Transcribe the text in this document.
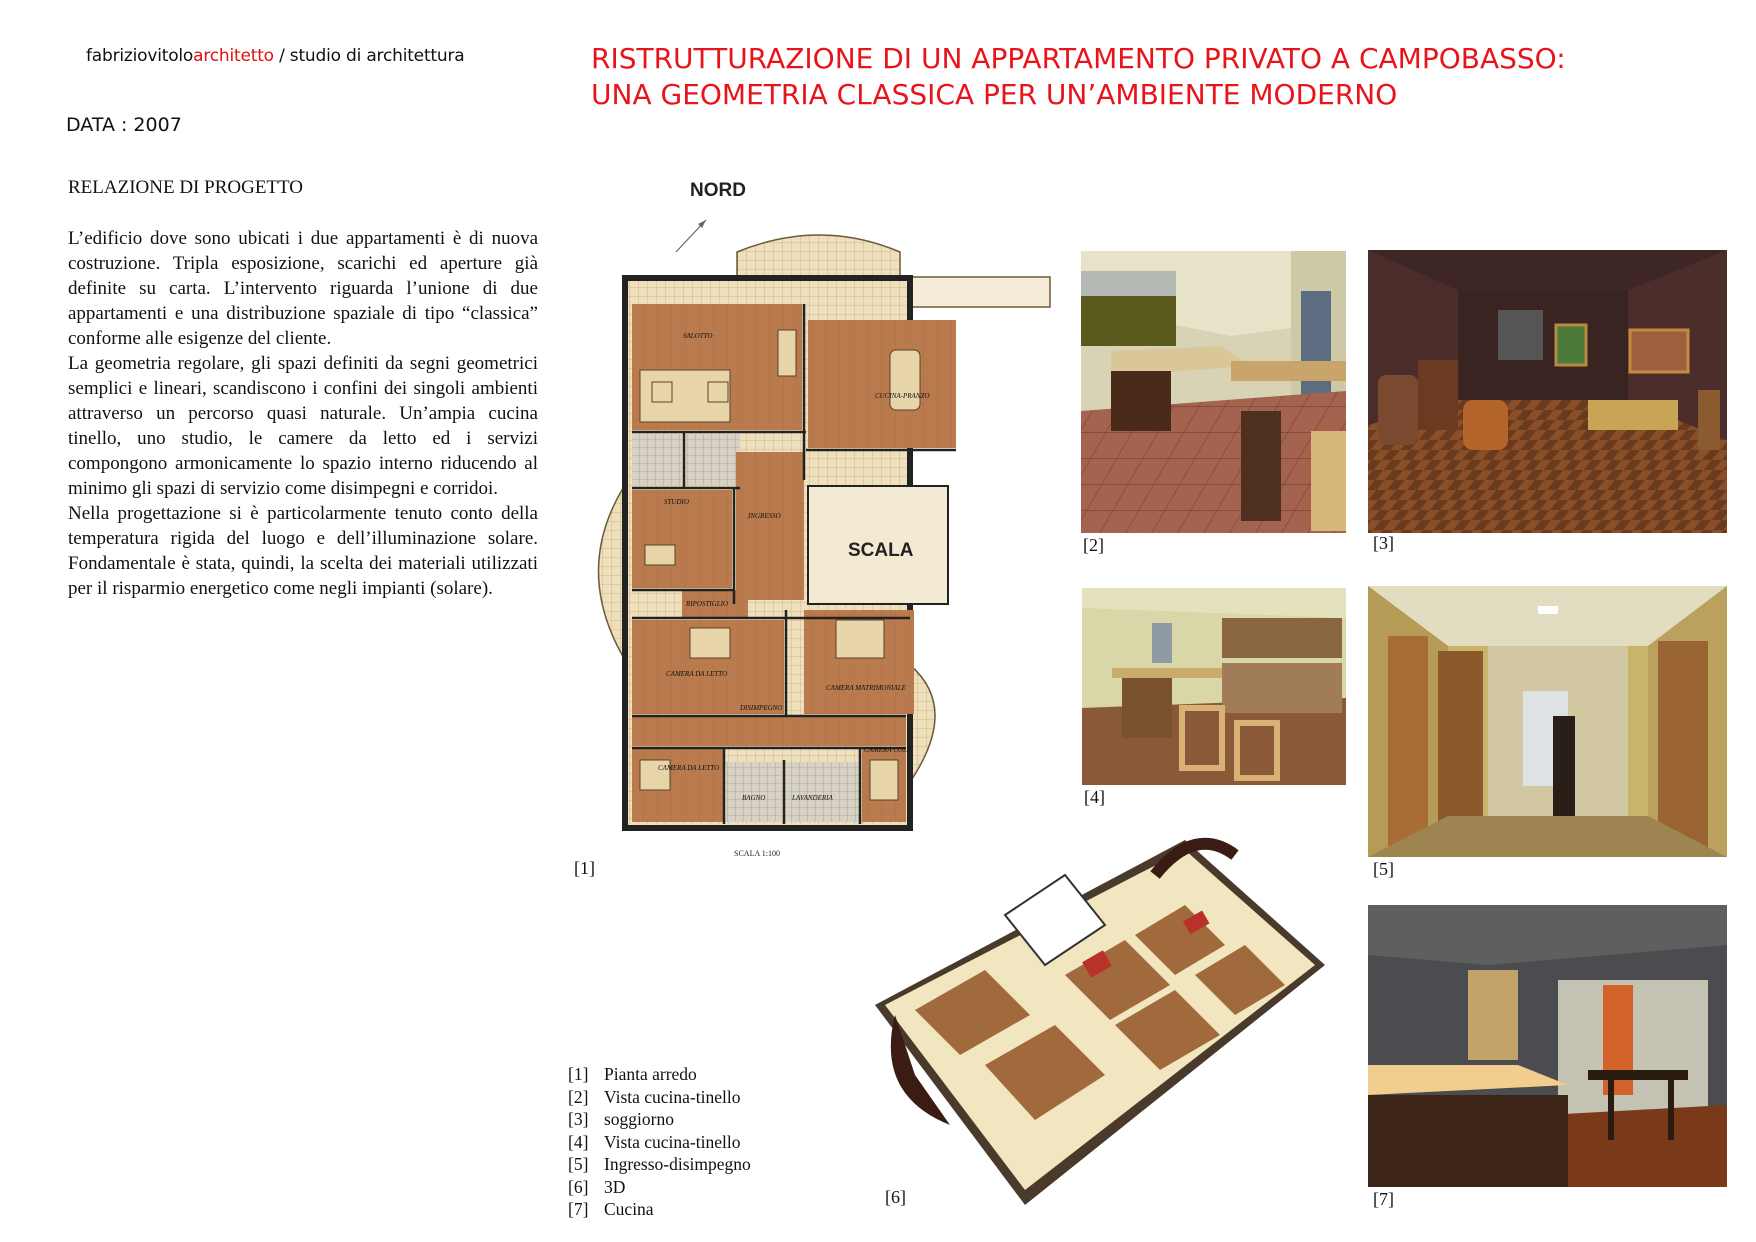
fabriziovitoloarchitetto / studio di architettura
DATA : 2007
RISTRUTTURAZIONE DI UN APPARTAMENTO PRIVATO A CAMPOBASSO:
UNA GEOMETRIA CLASSICA PER UN’AMBIENTE MODERNO
RELAZIONE DI PROGETTO

L’edificio dove sono ubicati i due appartamenti è di nuova costruzione. Tripla esposizione, scarichi ed aperture già definite su carta. L’intervento riguarda l’unione di due appartamenti e una distribuzione spaziale di tipo “classica” conforme alle esigenze del cliente.

La geometria regolare, gli spazi definiti da segni geometrici semplici e lineari, scandiscono i confini dei singoli ambienti attraverso un percorso quasi naturale. Un’ampia cucina tinello, uno studio, le camere da letto ed i servizi compongono armonicamente lo spazio interno riducendo al minimo gli spazi di servizio come disimpegni e corridoi.

Nella progettazione si è particolarmente tenuto conto della temperatura rigida del luogo e dell’illuminazione solare. Fondamentale è stata, quindi, la scelta dei materiali utilizzati per il risparmio energetico come negli impianti (solare).

NORD
SALOTTO
CUCINA-PRANZO
STUDIO
INGRESSO
RIPOSTIGLIO
CAMERA DA LETTO
CAMERA MATRIMONIALE
DISIMPEGNO
CAMERA DA LETTO
CAMERA COLF
BAGNO	LAVANDERIA
SCALA
SCALA 1:100
[1]
[2]	[3]
[4]
[5]
[6]	[7]
[1] Pianta arredo
[2] Vista cucina-tinello
[3] soggiorno
[4] Vista cucina-tinello
[5] Ingresso-disimpegno
[6] 3D
[7] Cucina
